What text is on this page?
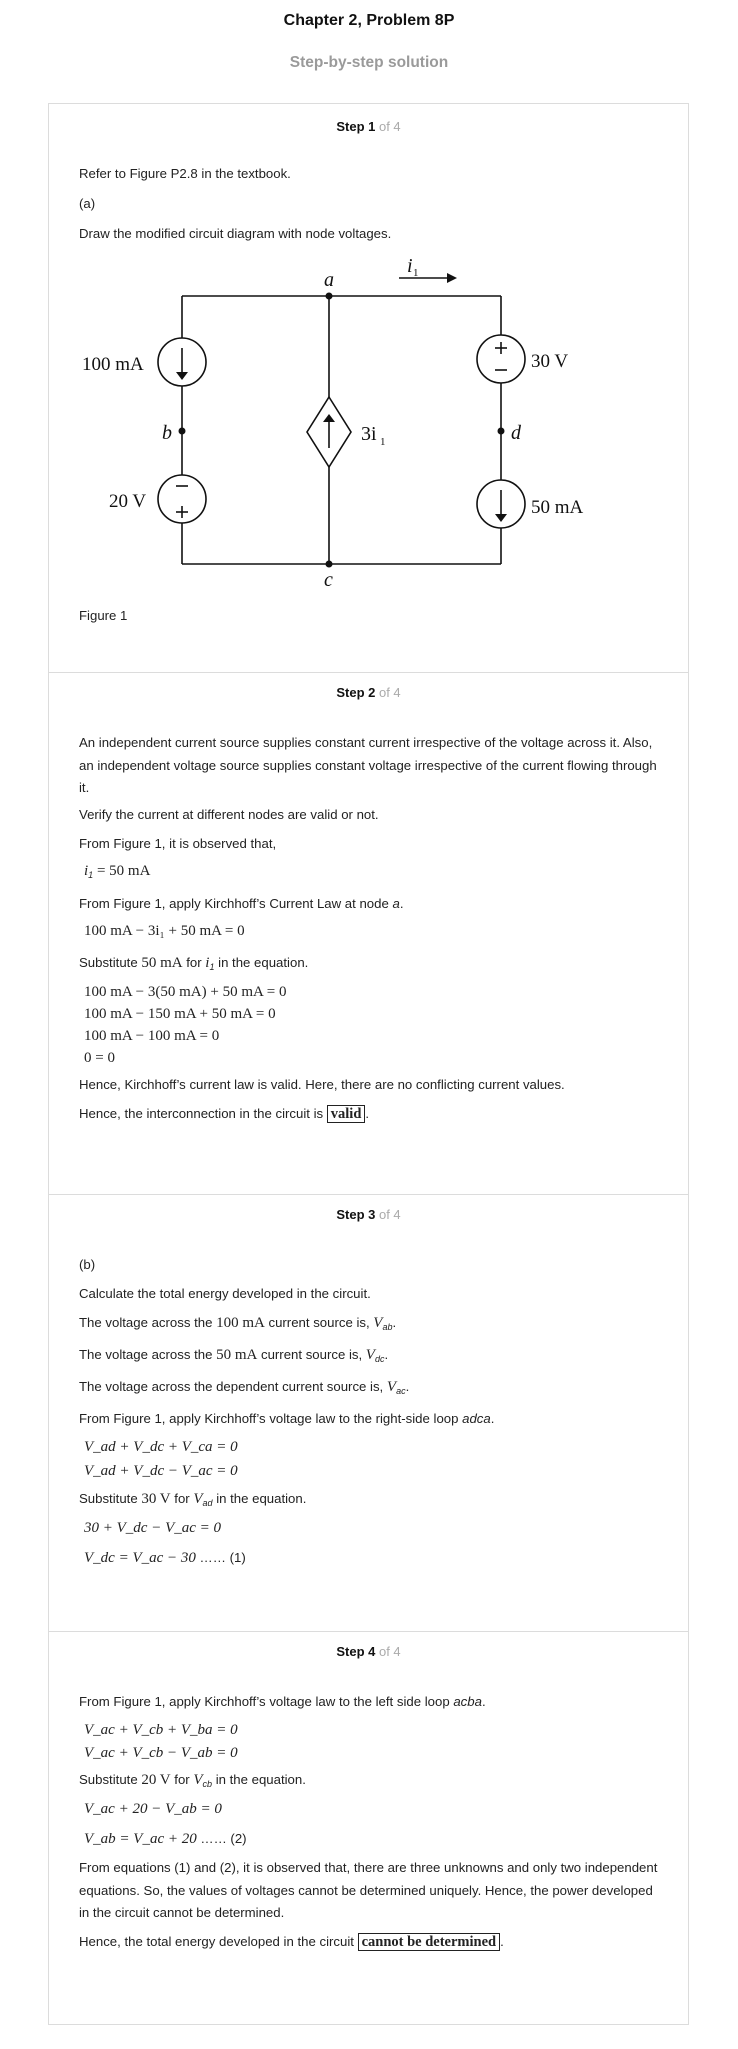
Chapter 2, Problem 8P
Step-by-step solution
Step 1 of 4
Refer to Figure P2.8 in the textbook.
(a)
Draw the modified circuit diagram with node voltages.
a
b
c
d
i 1
100 mA
20 V
30 V
50 mA
3i 1
Figure 1
Step 2 of 4
An independent current source supplies constant current irrespective of the voltage across it. Also, an independent voltage source supplies constant voltage irrespective of the current flowing through it.
Verify the current at different nodes are valid or not.
From Figure 1, it is observed that,
$i_1 = 50$ mA
From Figure 1, apply Kirchhoff’s Current Law at node a.
100 mA − 3i₁ + 50 mA = 0
Substitute 50 mA for $i_1$ in the equation.
100 mA − 3(50 mA) + 50 mA = 0
100 mA − 150 mA + 50 mA = 0
100 mA − 100 mA = 0
0 = 0
Hence, Kirchhoff’s current law is valid. Here, there are no conflicting current values.
Hence, the interconnection in the circuit is valid .
Step 3 of 4
(b)
Calculate the total energy developed in the circuit.
The voltage across the 100 mA current source is, $V_{ab}$.
The voltage across the 50 mA current source is, $V_{dc}$.
The voltage across the dependent current source is, $V_{ac}$.
From Figure 1, apply Kirchhoff’s voltage law to the right-side loop adca.
V_ad + V_dc + V_ca = 0
V_ad + V_dc − V_ac = 0
Substitute 30 V for $V_{ad}$ in the equation.
30 + V_dc − V_ac = 0
V_dc = V_ac − 30 …… (1)
Step 4 of 4
From Figure 1, apply Kirchhoff’s voltage law to the left side loop acba.
V_ac + V_cb + V_ba = 0
V_ac + V_cb − V_ab = 0
Substitute 20 V for $V_{cb}$ in the equation.
V_ac + 20 − V_ab = 0
V_ab = V_ac + 20 …… (2)
From equations (1) and (2), it is observed that, there are three unknowns and only two independent equations. So, the values of voltages cannot be determined uniquely. Hence, the power developed in the circuit cannot be determined.
Hence, the total energy developed in the circuit cannot be determined .
